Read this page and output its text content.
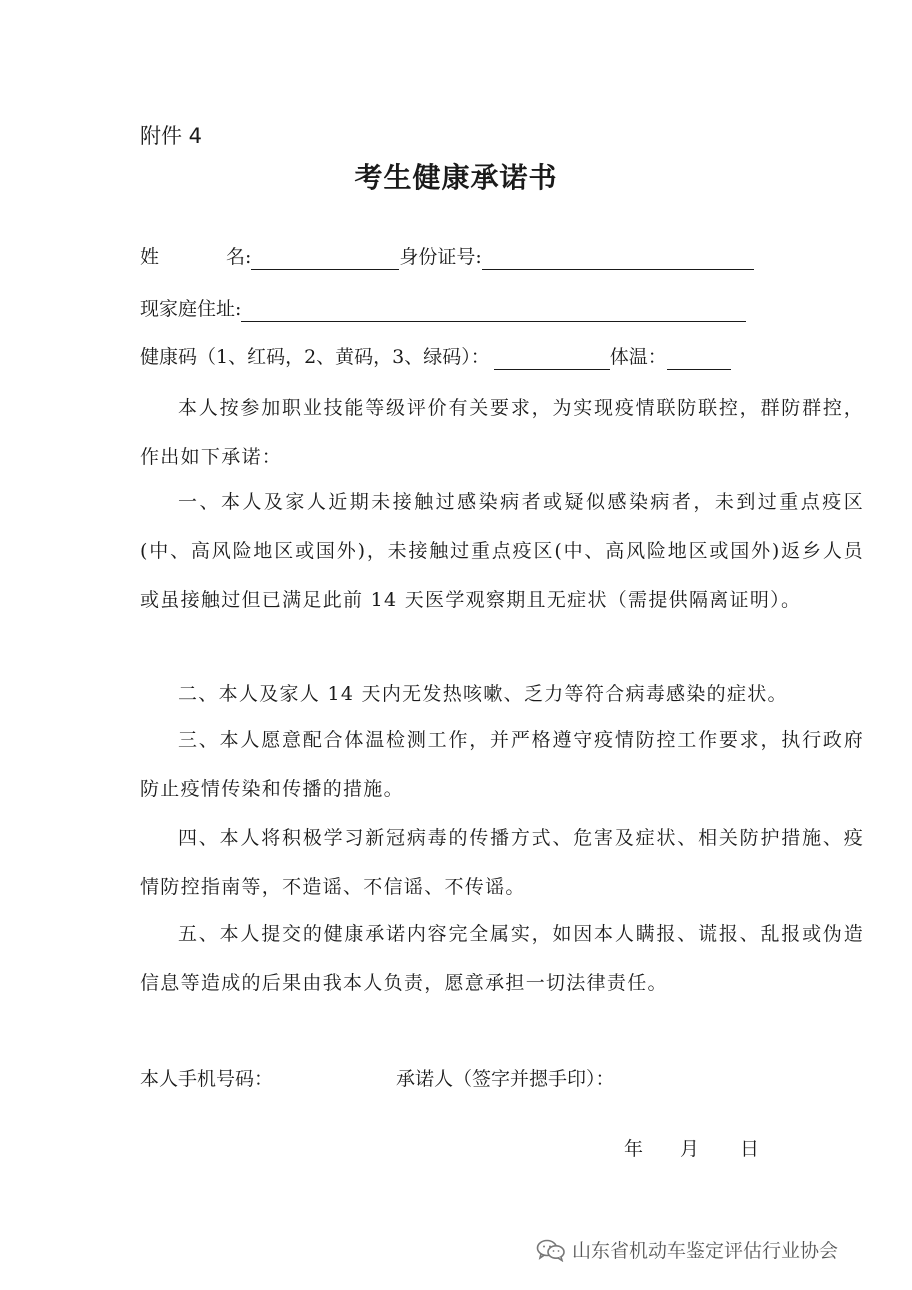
附件 4
考生健康承诺书
姓	名:	身份证号:
现家庭住址:
健康码（1、红码，2、黄码，3、绿码）：	体温：
本人按参加职业技能等级评价有关要求，为实现疫情联防联控，群防群控，作出如下承诺：
一、本人及家人近期未接触过感染病者或疑似感染病者，未到过重点疫区(中、高风险地区或国外)，未接触过重点疫区(中、高风险地区或国外)返乡人员或虽接触过但已满足此前 14 天医学观察期且无症状（需提供隔离证明）。
二、本人及家人 14 天内无发热咳嗽、乏力等符合病毒感染的症状。
三、本人愿意配合体温检测工作，并严格遵守疫情防控工作要求，执行政府防止疫情传染和传播的措施。
四、本人将积极学习新冠病毒的传播方式、危害及症状、相关防护措施、疫情防控指南等，不造谣、不信谣、不传谣。
五、本人提交的健康承诺内容完全属实，如因本人瞒报、谎报、乱报或伪造信息等造成的后果由我本人负责，愿意承担一切法律责任。
本人手机号码：	承诺人（签字并摁手印）：
年 月 日
山东省机动车鉴定评估行业协会
